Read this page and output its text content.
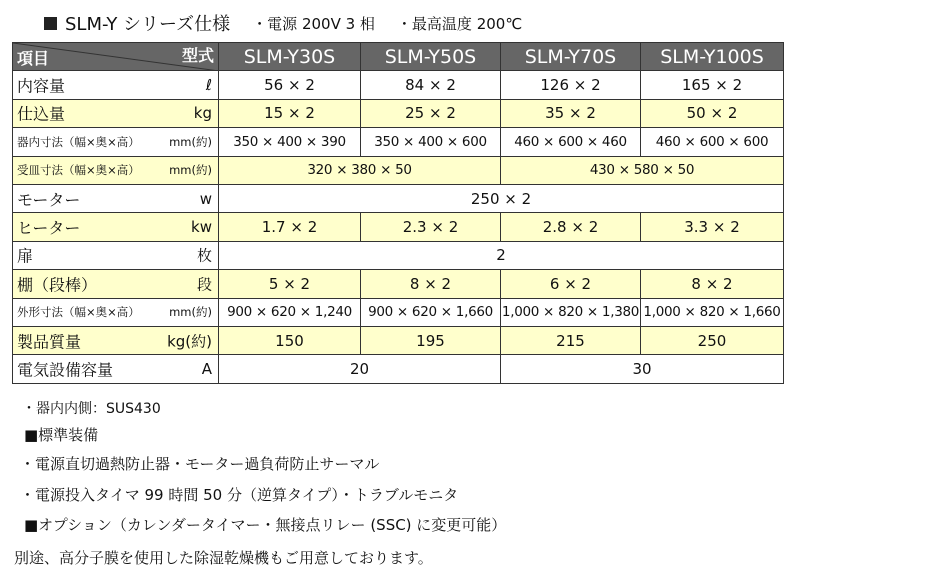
SLM-Y シリーズ仕様 ・電源 200V 3 相 ・最高温度 200℃
型式
項目	SLM-Y30S	SLM-Y50S	SLM-Y70S	SLM-Y100S

内容量 ℓ	56 × 2	84 × 2	126 × 2	165 × 2

仕込量 kg	15 × 2	25 × 2	35 × 2	50 × 2

器内寸法（幅×奥×高） mm(約)	350 × 400 × 390	350 × 400 × 600	460 × 600 × 460	460 × 600 × 600

受皿寸法（幅×奥×高） mm(約)	320 × 380 × 50		430 × 580 × 50	

モーター w	250 × 2			

ヒーター kw	1.7 × 2	2.3 × 2	2.8 × 2	3.3 × 2

扉 枚	2			

棚（段棒） 段	5 × 2	8 × 2	6 × 2	8 × 2

外形寸法（幅×奥×高） mm(約)	900 × 620 × 1,240	900 × 620 × 1,660	1,000 × 820 × 1,380	1,000 × 820 × 1,660

製品質量 kg(約)	150	195	215	250

電気設備容量 A	20		30	
・器内内側：SUS430
■標準装備
・電源直切過熱防止器・モーター過負荷防止サーマル
・電源投入タイマ 99 時間 50 分（逆算タイプ）・トラブルモニタ
■オプション（カレンダータイマー・無接点リレー (SSC) に変更可能）
別途、高分子膜を使用した除湿乾燥機もご用意しております。
